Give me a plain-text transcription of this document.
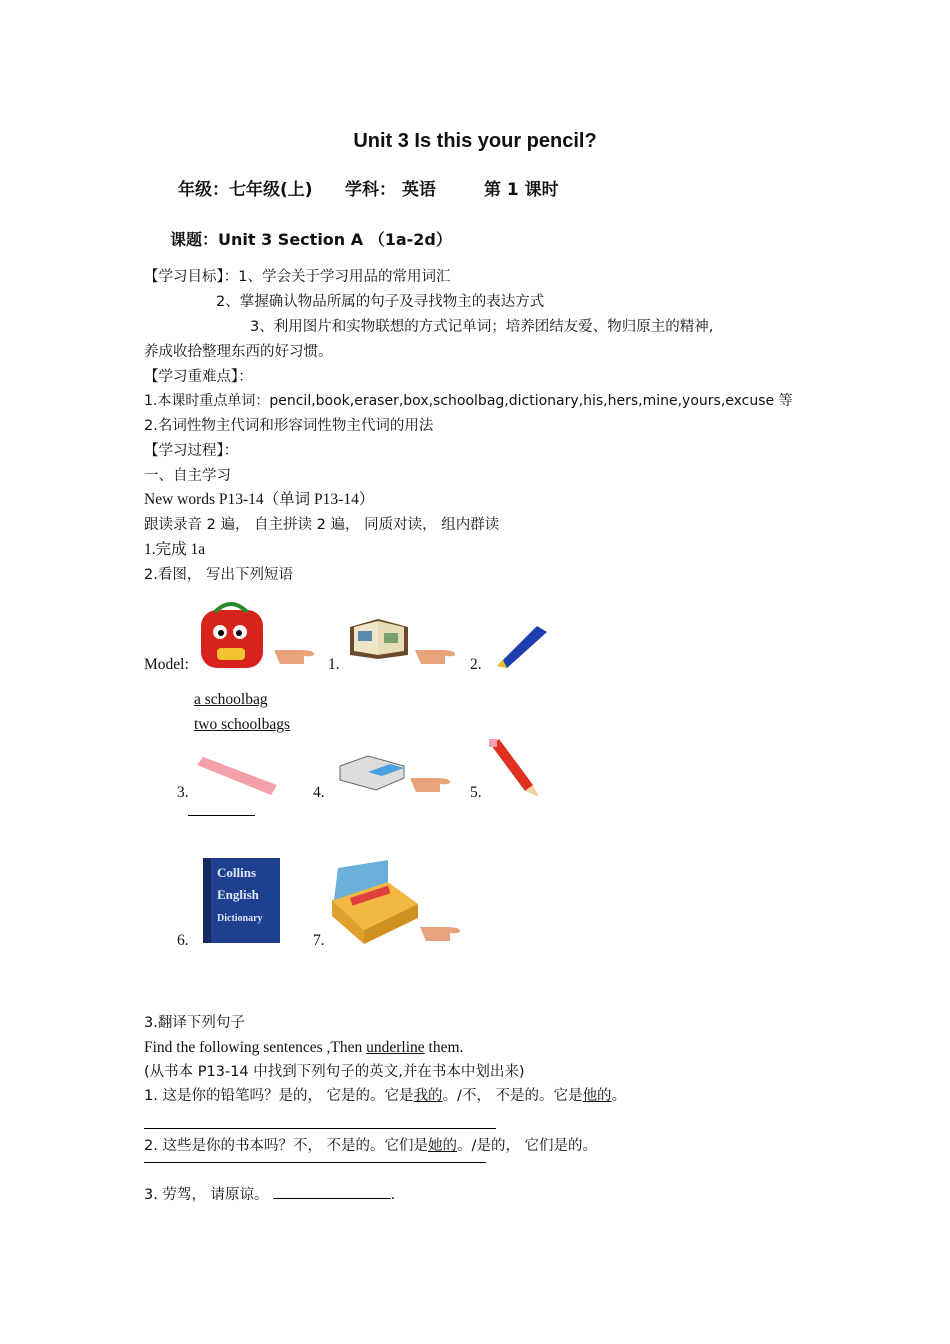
Unit 3 Is this your pencil?
年级：七年级(上) 学科： 英语	第 1 课时
课题：Unit 3 Section A （1a-2d）
【学习目标】：1、学会关于学习用品的常用词汇
2、掌握确认物品所属的句子及寻找物主的表达方式
3、利用图片和实物联想的方式记单词；培养团结友爱、物归原主的精神,
养成收拾整理东西的好习惯。
【学习重难点】：
1.本课时重点单词：pencil,book,eraser,box,schoolbag,dictionary,his,hers,mine,yours,excuse 等
2.名词性物主代词和形容词性物主代词的用法
【学习过程】：
一、自主学习
New words P13-14（单词 P13-14）
跟读录音 2 遍， 自主拼读 2 遍， 同质对读， 组内群读
1.完成 1a
2.看图， 写出下列短语
Model:	1.	2.
a schoolbag
two schoolbags
3.	4.	5.
6.
Collins
English
Dictionary
7.
3.翻译下列句子
Find the following sentences ,Then underline them.
(从书本 P13-14 中找到下列句子的英文,并在书本中划出来)
1. 这是你的铅笔吗？是的， 它是的。它是我的。/不， 不是的。它是他的。
2. 这些是你的书本吗？不， 不是的。它们是她的。/是的， 它们是的。
3. 劳驾， 请原谅。	.
